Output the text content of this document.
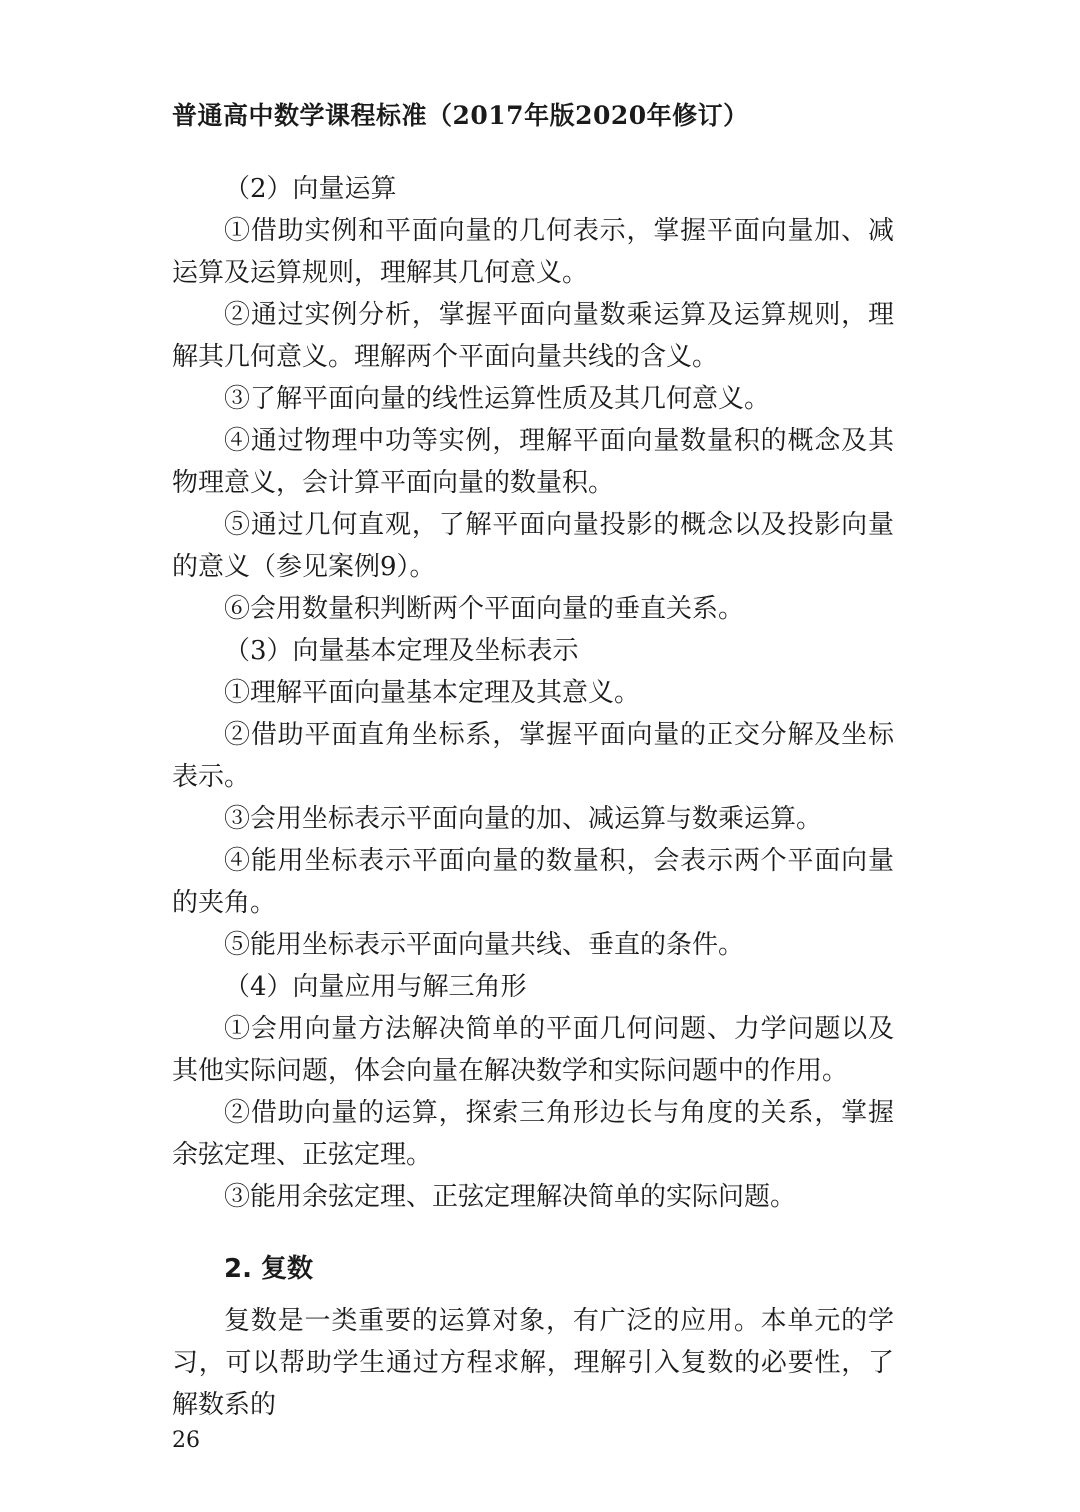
普通高中数学课程标准（2017年版2020年修订）

（2）向量运算

①借助实例和平面向量的几何表示，掌握平面向量加、减运算及运算规则，理解其几何意义。

②通过实例分析，掌握平面向量数乘运算及运算规则，理解其几何意义。理解两个平面向量共线的含义。

③了解平面向量的线性运算性质及其几何意义。

④通过物理中功等实例，理解平面向量数量积的概念及其物理意义，会计算平面向量的数量积。

⑤通过几何直观，了解平面向量投影的概念以及投影向量的意义（参见案例9）。

⑥会用数量积判断两个平面向量的垂直关系。

（3）向量基本定理及坐标表示

①理解平面向量基本定理及其意义。

②借助平面直角坐标系，掌握平面向量的正交分解及坐标表示。

③会用坐标表示平面向量的加、减运算与数乘运算。

④能用坐标表示平面向量的数量积，会表示两个平面向量的夹角。

⑤能用坐标表示平面向量共线、垂直的条件。

（4）向量应用与解三角形

①会用向量方法解决简单的平面几何问题、力学问题以及其他实际问题，体会向量在解决数学和实际问题中的作用。

②借助向量的运算，探索三角形边长与角度的关系，掌握余弦定理、正弦定理。

③能用余弦定理、正弦定理解决简单的实际问题。

2. 复数

复数是一类重要的运算对象，有广泛的应用。本单元的学习，可以帮助学生通过方程求解，理解引入复数的必要性，了解数系的

26
